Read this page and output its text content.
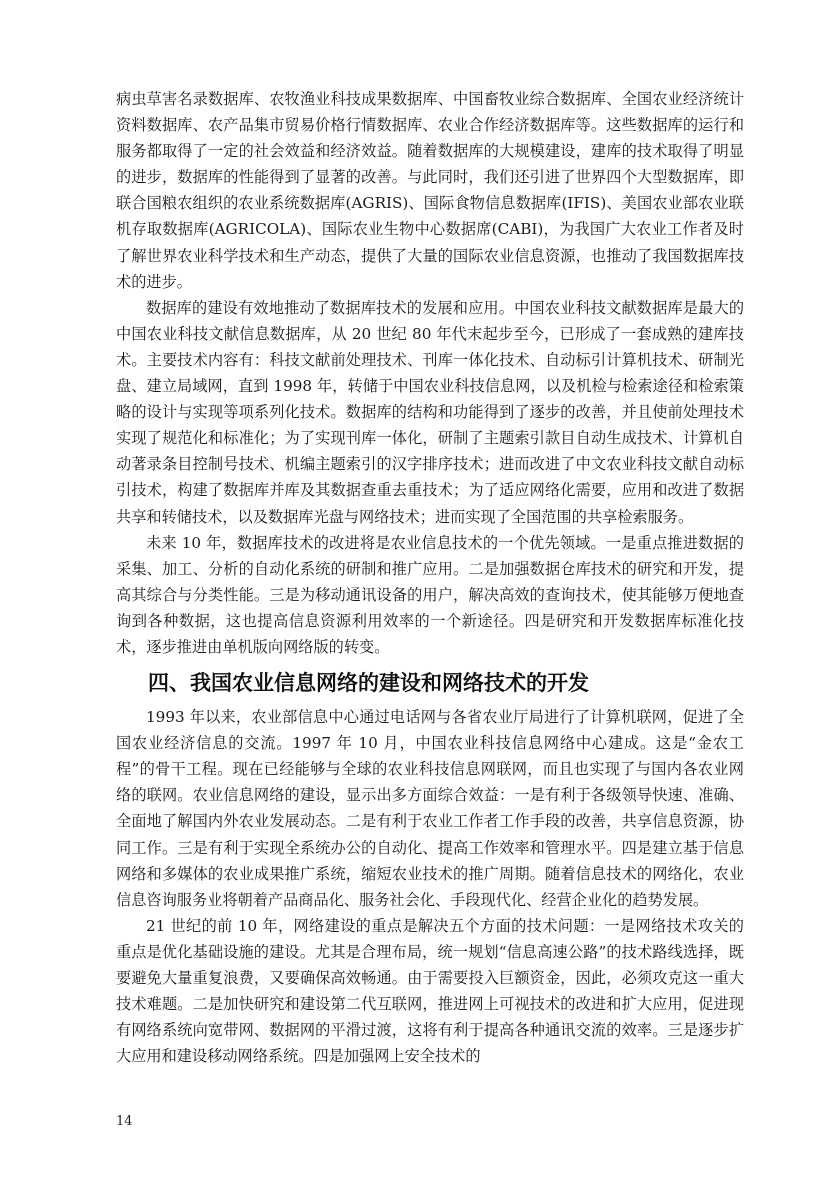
病虫草害名录数据库、农牧渔业科技成果数据库、中国畜牧业综合数据库、全国农业经济统计资料数据库、农产品集市贸易价格行情数据库、农业合作经济数据库等。这些数据库的运行和服务都取得了一定的社会效益和经济效益。随着数据库的大规模建设，建库的技术取得了明显的进步，数据库的性能得到了显著的改善。与此同时，我们还引进了世界四个大型数据库，即联合国粮农组织的农业系统数据库(AGRIS)、国际食物信息数据库(IFIS)、美国农业部农业联机存取数据库(AGRICOLA)、国际农业生物中心数据席(CABI)，为我国广大农业工作者及时了解世界农业科学技术和生产动态，提供了大量的国际农业信息资源，也推动了我国数据库技术的进步。

数据库的建设有效地推动了数据库技术的发展和应用。中国农业科技文献数据库是最大的中国农业科技文献信息数据库，从 20 世纪 80 年代末起步至今，已形成了一套成熟的建库技术。主要技术内容有：科技文献前处理技术、刊库一体化技术、自动标引计算机技术、研制光盘、建立局域网，直到 1998 年，转储于中国农业科技信息网，以及机检与检索途径和检索策略的设计与实现等项系列化技术。数据库的结构和功能得到了逐步的改善，并且使前处理技术实现了规范化和标准化；为了实现刊库一体化，研制了主题索引款目自动生成技术、计算机自动著录条目控制号技术、机编主题索引的汉字排序技术；进而改进了中文农业科技文献自动标引技术，构建了数据库并库及其数据查重去重技术；为了适应网络化需要，应用和改进了数据共享和转储技术，以及数据库光盘与网络技术；进而实现了全国范围的共享检索服务。

未来 10 年，数据库技术的改进将是农业信息技术的一个优先领域。一是重点推进数据的采集、加工、分析的自动化系统的研制和推广应用。二是加强数据仓库技术的研究和开发，提高其综合与分类性能。三是为移动通讯设备的用户，解决高效的查询技术，使其能够万便地查询到各种数据，这也提高信息资源利用效率的一个新途径。四是研究和开发数据库标准化技术，逐步推进由单机版向网络版的转变。

四、我国农业信息网络的建设和网络技术的开发

1993 年以来，农业部信息中心通过电话网与各省农业厅局进行了计算机联网，促进了全国农业经济信息的交流。1997 年 10 月，中国农业科技信息网络中心建成。这是“金农工程”的骨干工程。现在已经能够与全球的农业科技信息网联网，而且也实现了与国内各农业网络的联网。农业信息网络的建设，显示出多方面综合效益：一是有利于各级领导快速、准确、全面地了解国内外农业发展动态。二是有利于农业工作者工作手段的改善，共享信息资源，协同工作。三是有利于实现全系统办公的自动化、提高工作效率和管理水平。四是建立基于信息网络和多媒体的农业成果推广系统，缩短农业技术的推广周期。随着信息技术的网络化，农业信息咨询服务业将朝着产品商品化、服务社会化、手段现代化、经营企业化的趋势发展。

21 世纪的前 10 年，网络建设的重点是解决五个方面的技术问题：一是网络技术攻关的重点是优化基础设施的建设。尤其是合理布局，统一规划“信息高速公路”的技术路线选择，既要避免大量重复浪费，又要确保高效畅通。由于需要投入巨额资金，因此，必须攻克这一重大技术难题。二是加快研究和建设第二代互联网，推进网上可视技术的改进和扩大应用，促进现有网络系统向宽带网、数据网的平滑过渡，这将有利于提高各种通讯交流的效率。三是逐步扩大应用和建设移动网络系统。四是加强网上安全技术的

14
